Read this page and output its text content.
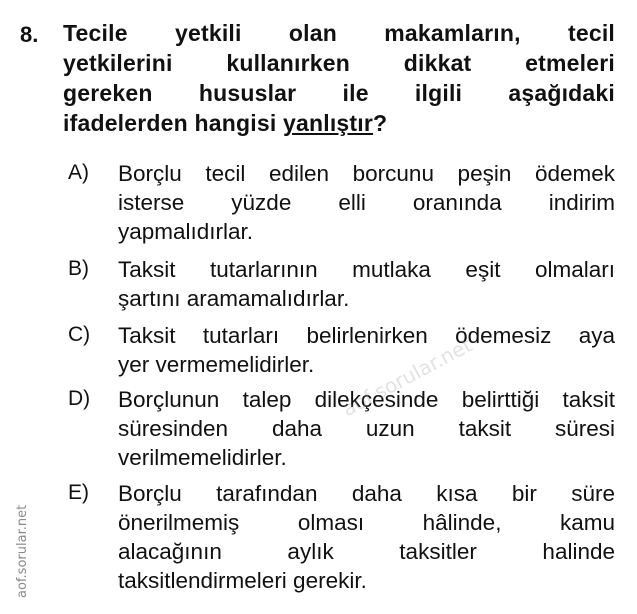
8. Tecile yetkili olan makamların, tecil
yetkilerini kullanırken dikkat etmeleri
gereken hususlar ile ilgili aşağıdaki
ifadelerden hangisi yanlıştır?
A) Borçlu tecil edilen borcunu peşin ödemek
isterse yüzde elli oranında indirim
yapmalıdırlar.
B) Taksit tutarlarının mutlaka eşit olmaları
şartını aramamalıdırlar.
C) Taksit tutarları belirlenirken ödemesiz aya
yer vermemelidirler.
D) Borçlunun talep dilekçesinde belirttiği taksit
süresinden daha uzun taksit süresi
verilmemelidirler.
E) Borçlu tarafından daha kısa bir süre
önerilmemiş olması hâlinde, kamu
alacağının aylık taksitler halinde
taksitlendirmeleri gerekir.
aof.sorular.net
aof.sorular.net
